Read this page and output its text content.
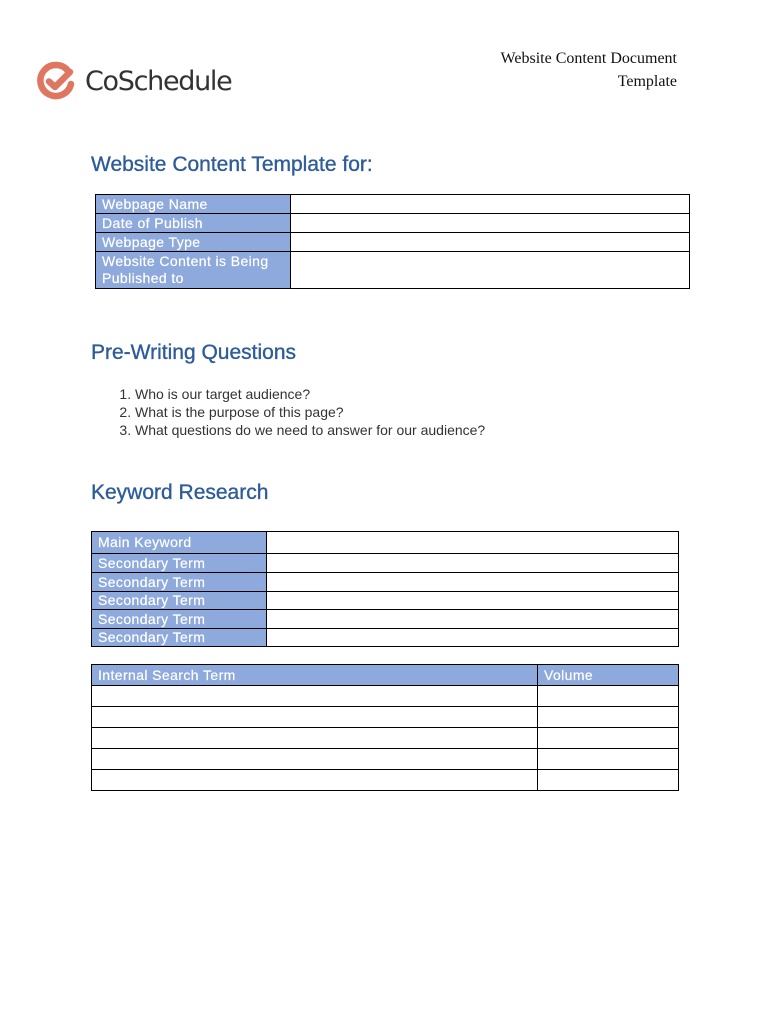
CoSchedule
Website Content Document
Template
Website Content Template for:
Webpage Name	
Date of Publish	
Webpage Type	
Website Content is Being Published to	
Pre-Writing Questions
1. Who is our target audience?
2. What is the purpose of this page?
3. What questions do we need to answer for our audience?
Keyword Research
Main Keyword	
Secondary Term	
Secondary Term	
Secondary Term	
Secondary Term	
Secondary Term	
Internal Search Term	Volume
